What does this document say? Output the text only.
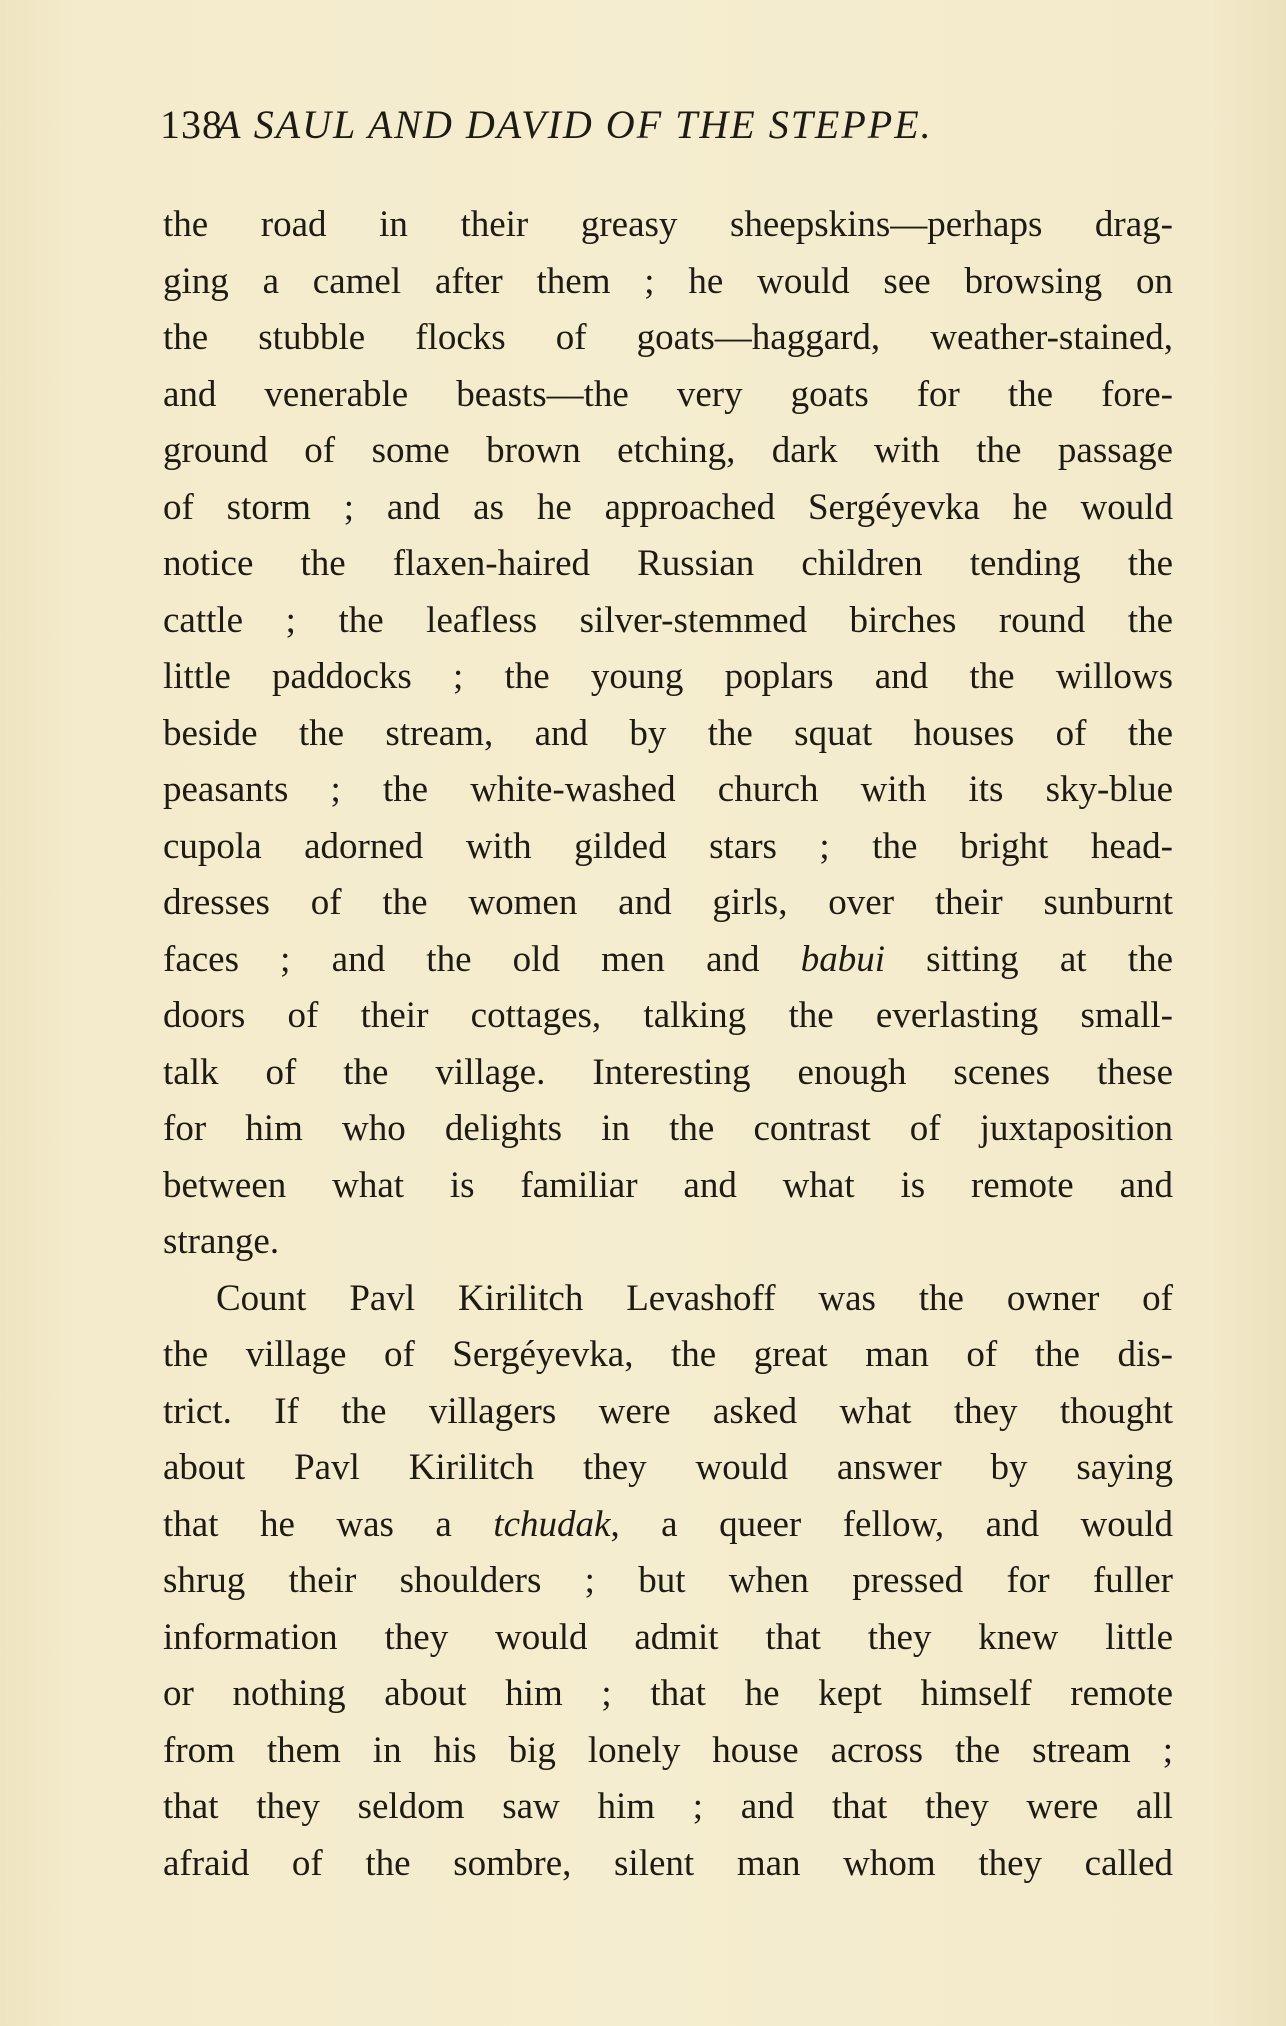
138
A SAUL AND DAVID OF THE STEPPE.
the road in their greasy sheepskins—perhaps drag-
ging a camel after them ; he would see browsing on
the stubble flocks of goats—haggard, weather-stained,
and venerable beasts—the very goats for the fore-
ground of some brown etching, dark with the passage
of storm ; and as he approached Sergéyevka he would
notice the flaxen-haired Russian children tending the
cattle ; the leafless silver-stemmed birches round the
little paddocks ; the young poplars and the willows
beside the stream, and by the squat houses of the
peasants ; the white-washed church with its sky-blue
cupola adorned with gilded stars ; the bright head-
dresses of the women and girls, over their sunburnt
faces ; and the old men and babui sitting at the
doors of their cottages, talking the everlasting small-
talk of the village. Interesting enough scenes these
for him who delights in the contrast of juxtaposition
between what is familiar and what is remote and
strange.
Count Pavl Kirilitch Levashoff was the owner of
the village of Sergéyevka, the great man of the dis-
trict. If the villagers were asked what they thought
about Pavl Kirilitch they would answer by saying
that he was a tchudak, a queer fellow, and would
shrug their shoulders ; but when pressed for fuller
information they would admit that they knew little
or nothing about him ; that he kept himself remote
from them in his big lonely house across the stream ;
that they seldom saw him ; and that they were all
afraid of the sombre, silent man whom they called
